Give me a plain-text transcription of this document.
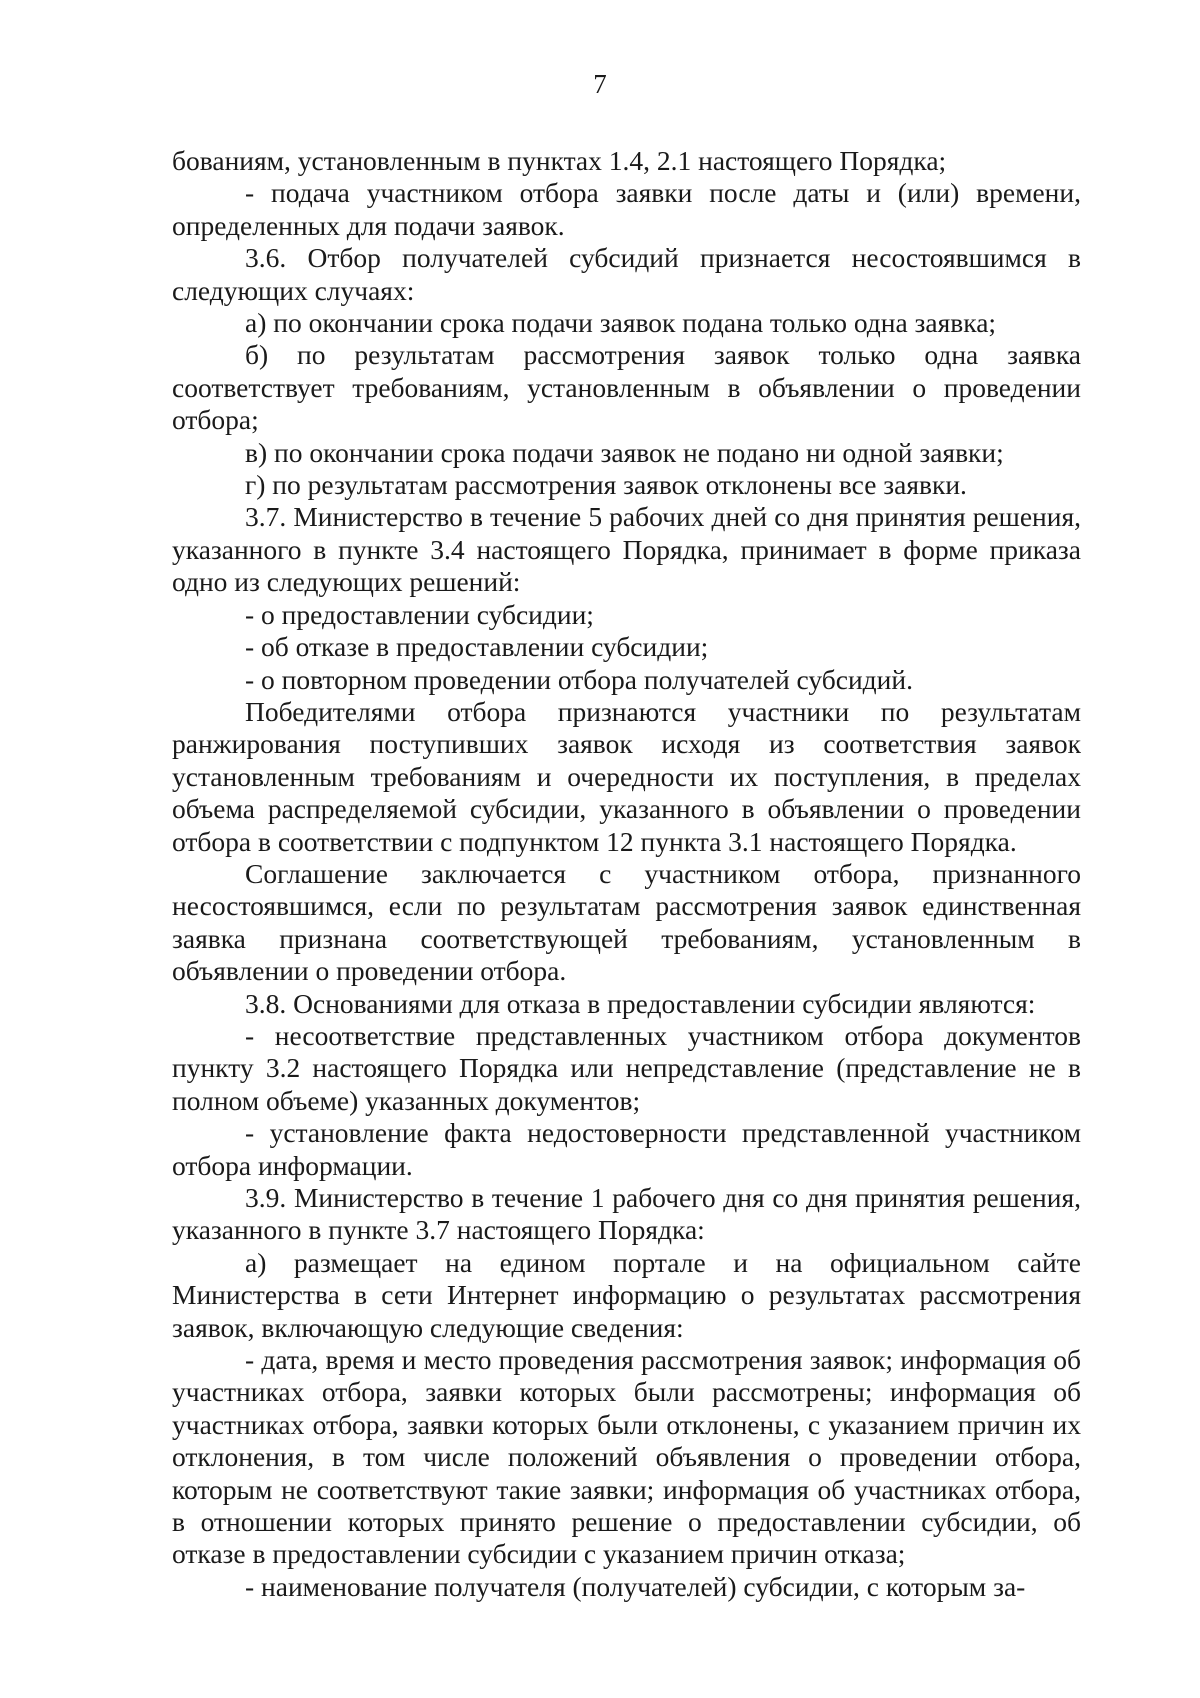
7

бованиям, установленным в пунктах 1.4, 2.1 настоящего Порядка;

- подача участником отбора заявки после даты и (или) времени, определенных для подачи заявок.

3.6. Отбор получателей субсидий признается несостоявшимся в следующих случаях:

а) по окончании срока подачи заявок подана только одна заявка;

б) по результатам рассмотрения заявок только одна заявка соответствует требованиям, установленным в объявлении о проведении отбора;

в) по окончании срока подачи заявок не подано ни одной заявки;

г) по результатам рассмотрения заявок отклонены все заявки.

3.7. Министерство в течение 5 рабочих дней со дня принятия решения, указанного в пункте 3.4 настоящего Порядка, принимает в форме приказа одно из следующих решений:

- о предоставлении субсидии;

- об отказе в предоставлении субсидии;

- о повторном проведении отбора получателей субсидий.

Победителями отбора признаются участники по результатам ранжирования поступивших заявок исходя из соответствия заявок установленным требованиям и очередности их поступления, в пределах объема распределяемой субсидии, указанного в объявлении о проведении отбора в соответствии с подпунктом 12 пункта 3.1 настоящего Порядка.

Соглашение заключается с участником отбора, признанного несостоявшимся, если по результатам рассмотрения заявок единственная заявка признана соответствующей требованиям, установленным в объявлении о проведении отбора.

3.8. Основаниями для отказа в предоставлении субсидии являются:

- несоответствие представленных участником отбора документов пункту 3.2 настоящего Порядка или непредставление (представление не в полном объеме) указанных документов;

- установление факта недостоверности представленной участником отбора информации.

3.9. Министерство в течение 1 рабочего дня со дня принятия решения, указанного в пункте 3.7 настоящего Порядка:

а) размещает на едином портале и на официальном сайте Министерства в сети Интернет информацию о результатах рассмотрения заявок, включающую следующие сведения:

- дата, время и место проведения рассмотрения заявок; информация об участниках отбора, заявки которых были рассмотрены; информация об участниках отбора, заявки которых были отклонены, с указанием причин их отклонения, в том числе положений объявления о проведении отбора, которым не соответствуют такие заявки; информация об участниках отбора, в отношении которых принято решение о предоставлении субсидии, об отказе в предоставлении субсидии с указанием причин отказа;

- наименование получателя (получателей) субсидии, с которым за-
